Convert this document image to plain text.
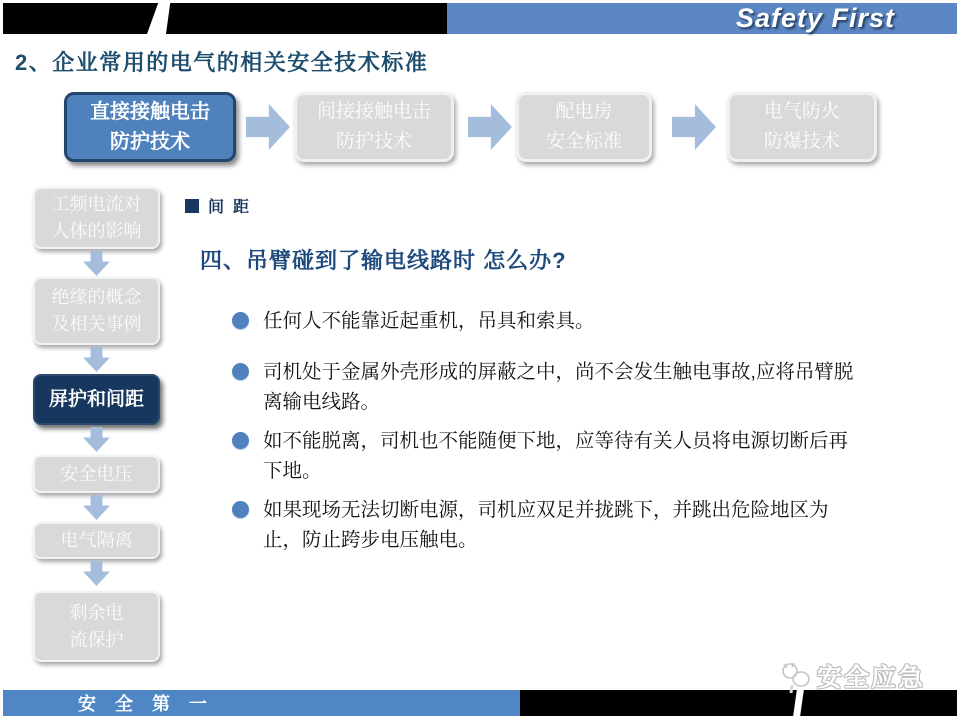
Safety First
2、企业常用的电气的相关安全技术标准
直接接触电击
防护技术
间接接触电击
防护技术
配电房
安全标准
电气防火
防爆技术
工频电流对
人体的影响
绝缘的概念
及相关事例
屏护和间距
安全电压
电气隔离
剩余电
流保护
间距
四、吊臂碰到了输电线路时 怎么办?
任何人不能靠近起重机，吊具和索具。
司机处于金属外壳形成的屏蔽之中，尚不会发生触电事故,应将吊臂脱离输电线路。
如不能脱离，司机也不能随便下地，应等待有关人员将电源切断后再下地。
如果现场无法切断电源，司机应双足并拢跳下，并跳出危险地区为止，防止跨步电压触电。
安 全 第 一
安全应急
